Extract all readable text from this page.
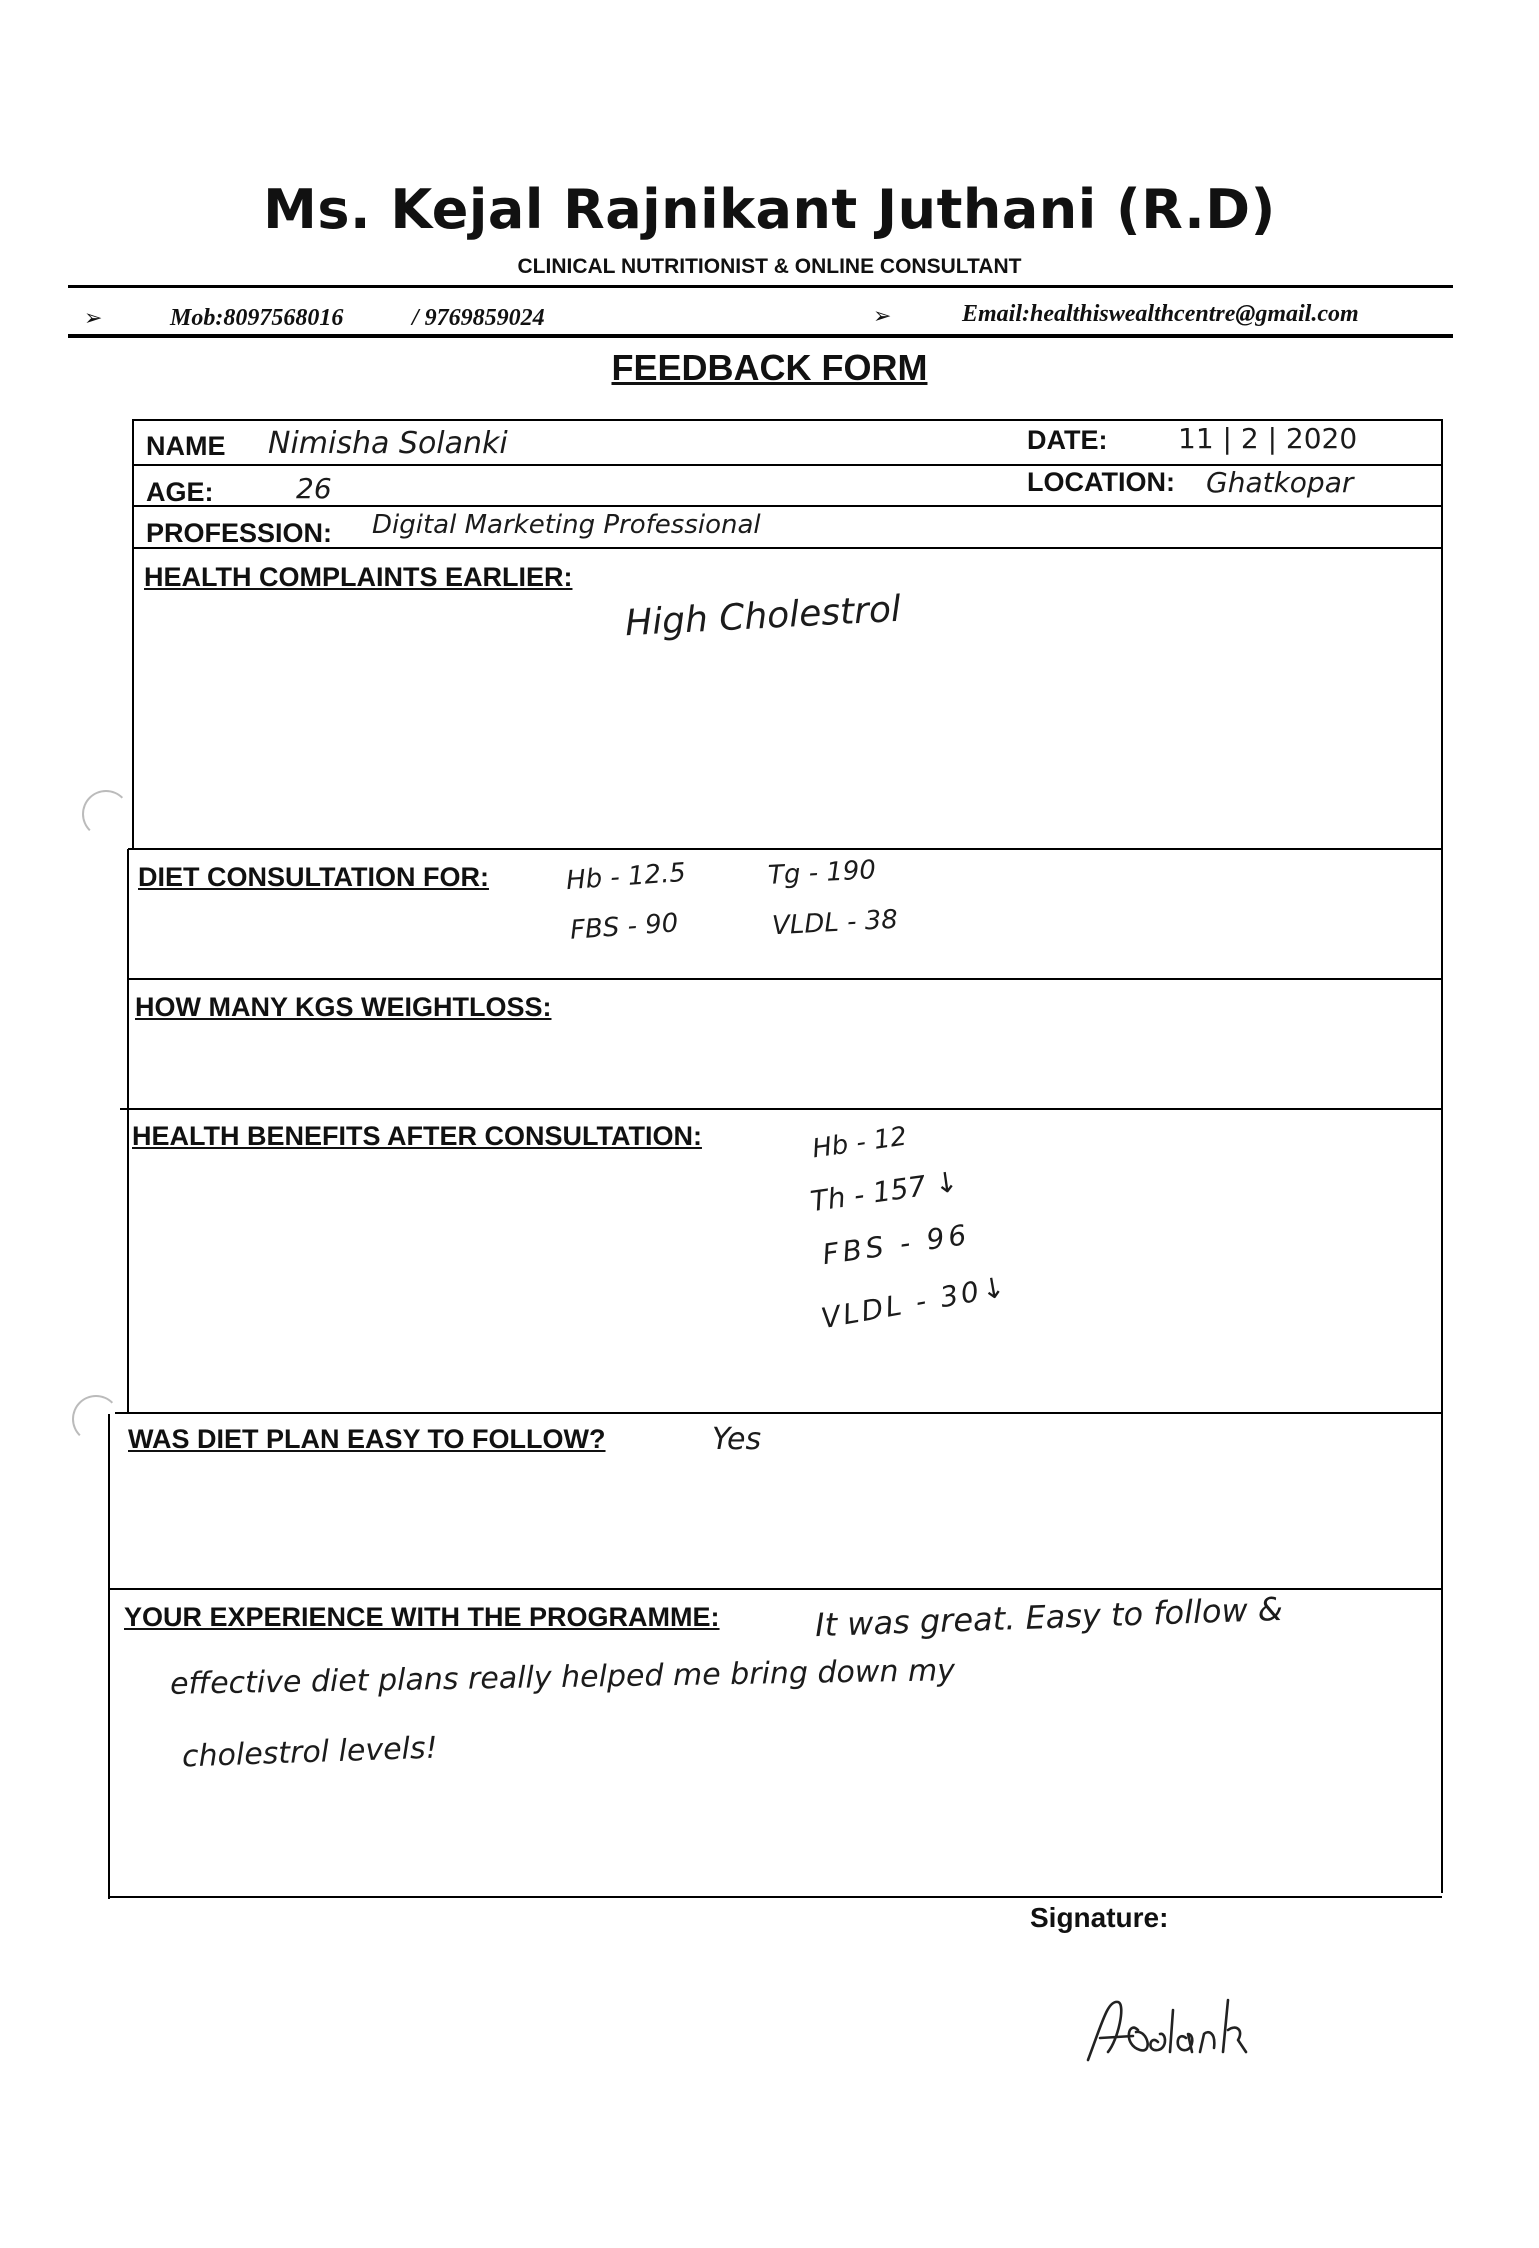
Ms. Kejal Rajnikant Juthani (R.D)
CLINICAL NUTRITIONIST & ONLINE CONSULTANT
➢	Mob:8097568016	/ 9769859024	➢	Email:healthiswealthcentre@gmail.com
FEEDBACK FORM
NAME Nimisha Solanki	DATE:	11 | 2 | 2020
AGE:	26	LOCATION: Ghatkopar
PROFESSION: Digital Marketing Professional
HEALTH COMPLAINTS EARLIER:
High Cholestrol
DIET CONSULTATION FOR:	Hb - 12.5	Tg - 190
FBS - 90	VLDL - 38
HOW MANY KGS WEIGHTLOSS:
HEALTH BENEFITS AFTER CONSULTATION:	Hb - 12
Th - 157 ↓
FBS - 96
VLDL - 30↓
WAS DIET PLAN EASY TO FOLLOW?	Yes
YOUR EXPERIENCE WITH THE PROGRAMME:	It was great. Easy to follow &
effective diet plans really helped me bring down my
cholestrol levels!
Signature:
